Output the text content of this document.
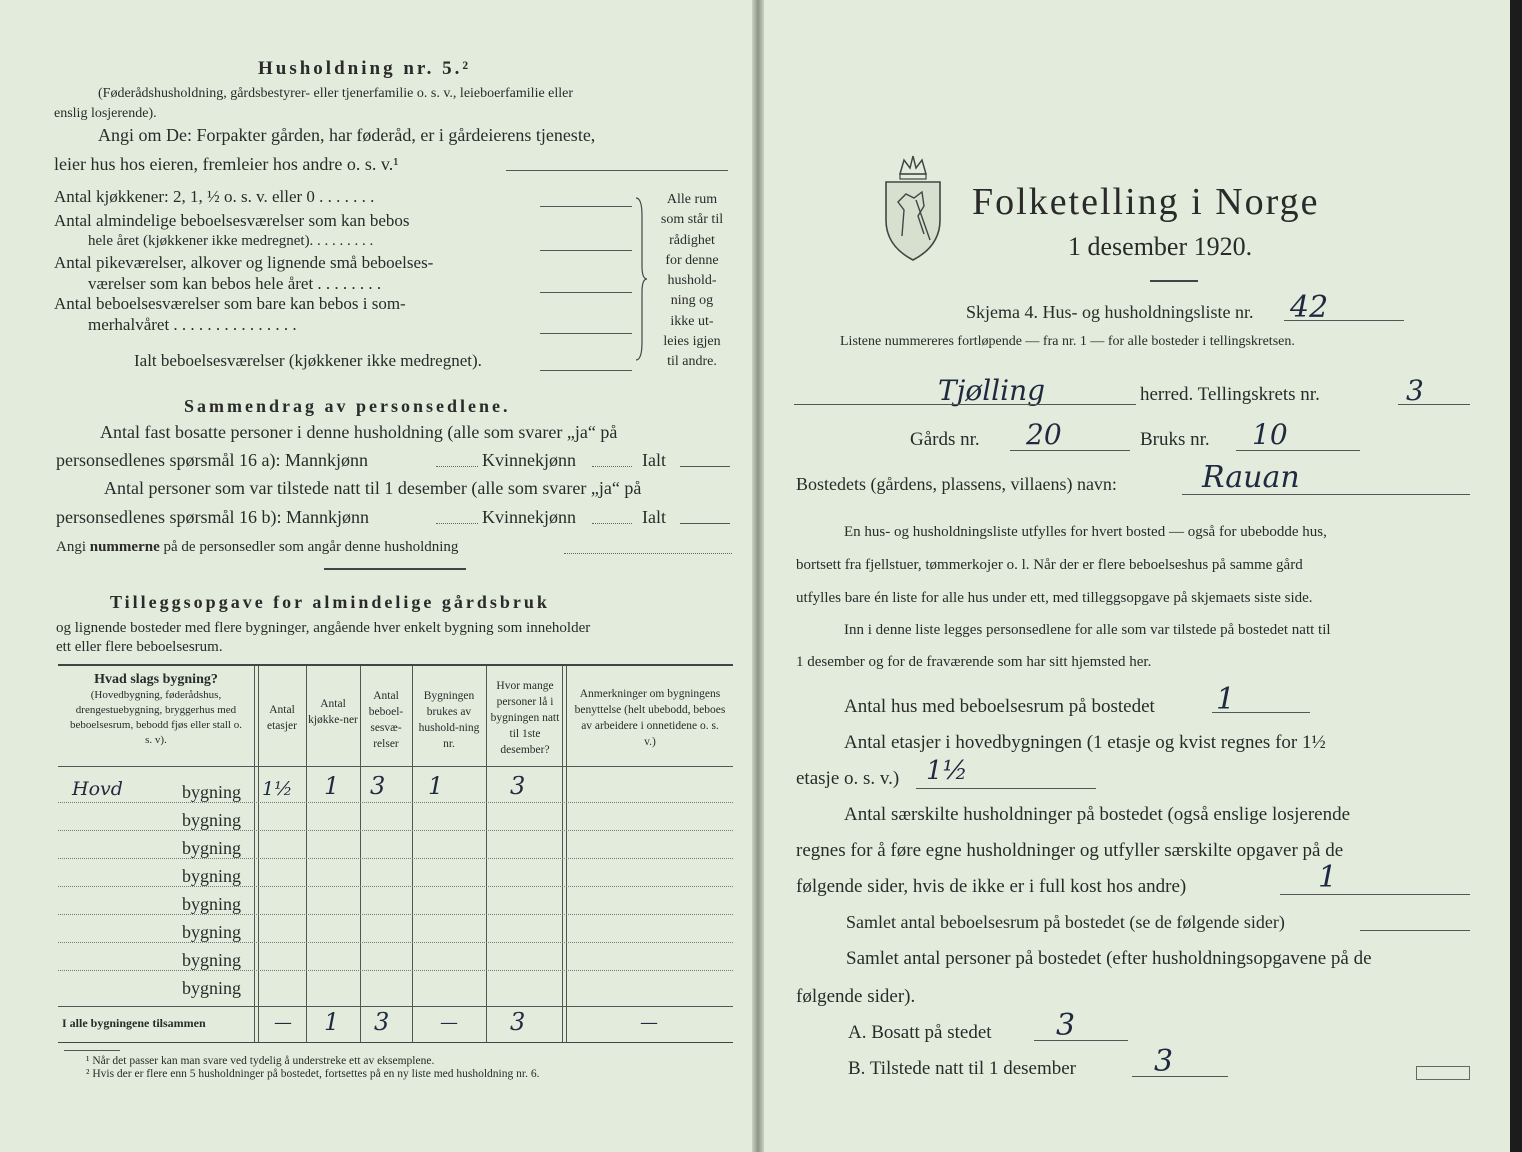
Husholdning nr. 5.²
(Føderådshusholdning, gårdsbestyrer- eller tjenerfamilie o. s. v., leieboerfamilie eller
enslig losjerende).
Angi om De: Forpakter gården, har føderåd, er i gårdeierens tjeneste,
leier hus hos eieren, fremleier hos andre o. s. v.¹
Antal kjøkkener: 2, 1, ½ o. s. v. eller 0 . . . . . . .
Antal almindelige beboelsesværelser som kan bebos
hele året (kjøkkener ikke medregnet). . . . . . . . .
Antal pikeværelser, alkover og lignende små beboelses-
værelser som kan bebos hele året . . . . . . . .
Antal beboelsesværelser som bare kan bebos i som-
merhalvåret . . . . . . . . . . . . . . .
Ialt beboelsesværelser (kjøkkener ikke medregnet).
Alle rum
som står til
rådighet
for denne
hushold-
ning og
ikke ut-
leies igjen
til andre.
Sammendrag av personsedlene.
Antal fast bosatte personer i denne husholdning (alle som svarer „ja“ på
personsedlenes spørsmål 16 a): Mannkjønn	Kvinnekjønn	Ialt
Antal personer som var tilstede natt til 1 desember (alle som svarer „ja“ på
personsedlenes spørsmål 16 b): Mannkjønn	Kvinnekjønn	Ialt
Angi nummerne på de personsedler som angår denne husholdning
Tilleggsopgave for almindelige gårdsbruk
og lignende bosteder med flere bygninger, angående hver enkelt bygning som inneholder
ett eller flere beboelsesrum.
Hvad slags bygning?
(Hovedbygning, føderådshus, drengestuebygning, bryggerhus med beboelsesrum, bebodd fjøs eller stall o. s. v).
Antal etasjer
Antal kjøkke-ner
Antal beboel-sesvæ-relser
Bygningen brukes av hushold-ning nr.
Hvor mange personer lå i bygningen natt til 1ste desember?
Anmerkninger om bygningens benyttelse (helt ubebodd, beboes av arbeidere i onnetidene o. s. v.)
Hovd	bygning 1½ 1 3 1	3
bygning
bygning
bygning
bygning
bygning
bygning
bygning
I alle bygningene tilsammen	— 1 3	— 3	—
¹ Når det passer kan man svare ved tydelig å understreke ett av eksemplene.
² Hvis der er flere enn 5 husholdninger på bostedet, fortsettes på en ny liste med husholdning nr. 6.
Folketelling i Norge
1 desember 1920.
Skjema 4. Hus- og husholdningsliste nr. 42
Listene nummereres fortløpende — fra nr. 1 — for alle bosteder i tellingskretsen.
Tjølling	herred. Tellingskrets nr.	3
Gårds nr. 20	Bruks nr. 10
Bostedets (gårdens, plassens, villaens) navn:	Rauan
En hus- og husholdningsliste utfylles for hvert bosted — også for ubebodde hus,
bortsett fra fjellstuer, tømmerkojer o. l. Når der er flere beboelseshus på samme gård
utfylles bare én liste for alle hus under ett, med tilleggsopgave på skjemaets siste side.
Inn i denne liste legges personsedlene for alle som var tilstede på bostedet natt til
1 desember og for de fraværende som har sitt hjemsted her.
Antal hus med beboelsesrum på bostedet 1
Antal etasjer i hovedbygningen (1 etasje og kvist regnes for 1½
etasje o. s. v.) 1½
Antal særskilte husholdninger på bostedet (også enslige losjerende
regnes for å føre egne husholdninger og utfyller særskilte opgaver på de
følgende sider, hvis de ikke er i full kost hos andre)	1
Samlet antal beboelsesrum på bostedet (se de følgende sider)
Samlet antal personer på bostedet (efter husholdningsopgavene på de
følgende sider).
A. Bosatt på stedet 3
B. Tilstede natt til 1 desember	3
